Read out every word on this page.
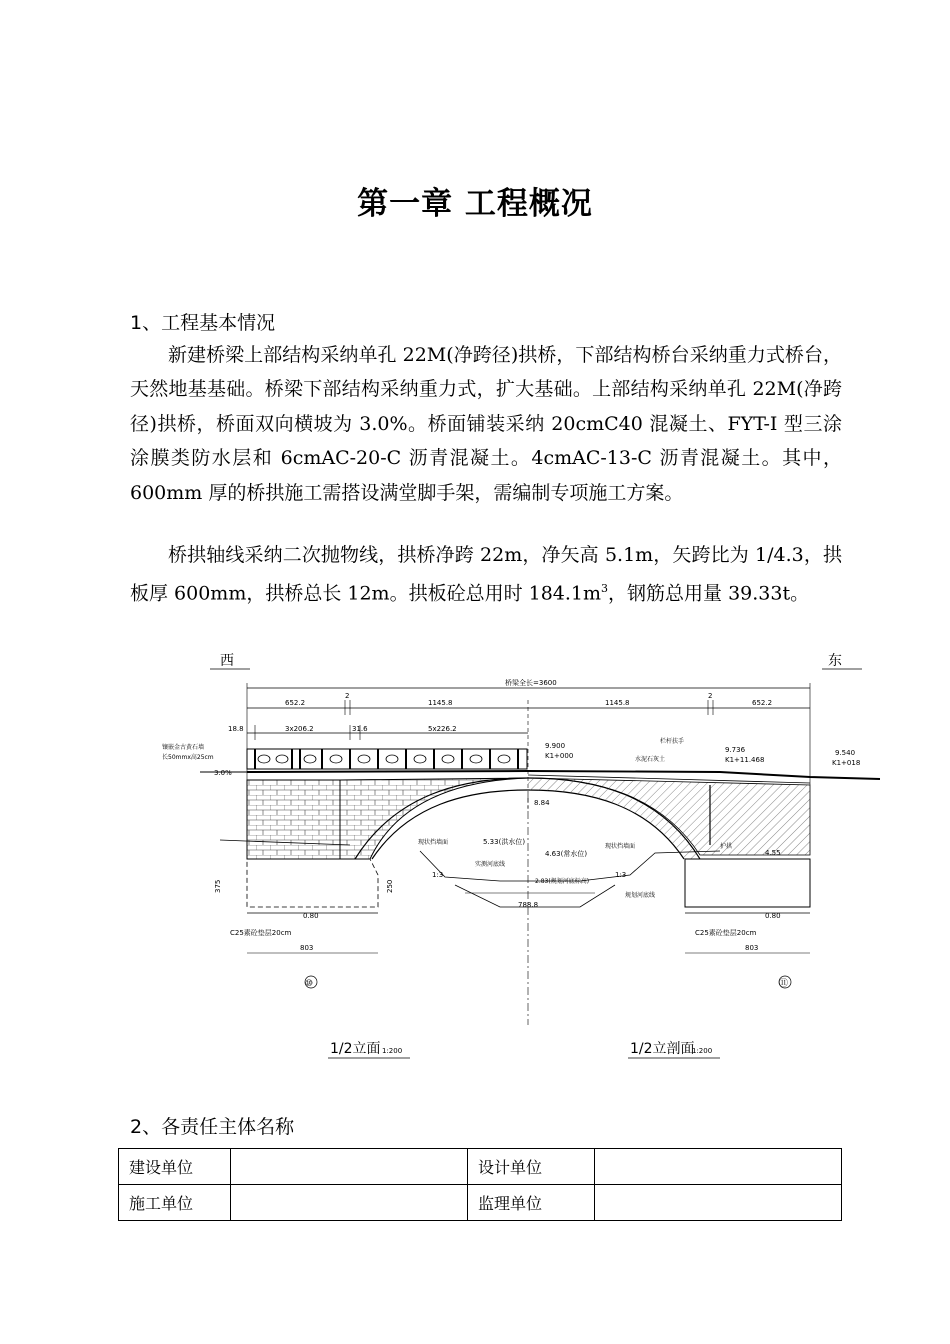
第一章 工程概况
1、工程基本情况

新建桥梁上部结构采纳单孔 22M(净跨径)拱桥，下部结构桥台采纳重力式桥台，天然地基基础。桥梁下部结构采纳重力式，扩大基础。上部结构采纳单孔 22M(净跨径)拱桥，桥面双向横坡为 3.0%。桥面铺装采纳 20cmC40 混凝土、FYT-I 型三涂涂膜类防水层和 6cmAC-20-C 沥青混凝土。4cmAC-13-C 沥青混凝土。其中，600mm 厚的桥拱施工需搭设满堂脚手架，需编制专项施工方案。

桥拱轴线采纳二次抛物线，拱桥净跨 22m，净矢高 5.1m，矢跨比为 1/4.3，拱板厚 600mm，拱桥总长 12m。拱板砼总用时 $184.1m^3$，钢筋总用量 39.33t。

西	东
桥梁全长=3600
652.2
2
1145.8	1145.8
2
652.2
18.8	3x206.2	31.6	5x226.2
9.900
K1+000
9.736
K1+11.468
9.540
K1+018
8.84
5.33(洪水位)
4.63(常水位)
2.83(规划河底标高)
0.80	0.80
4.55
3.0%
1:3	1:3
镶嵌金古黄石墙
长50mmx高25cm
现状挡墙面
现状挡墙面
实测河底线
规划河底线
水泥石灰土
栏杆扶手
护拱
788.8
C25素砼垫层20cm	C25素砼垫层20cm
803	803
375	250
⑩	⑪
1/2立面 1:200	1/2立剖面
1:200
2、各责任主体名称
建设单位		设计单位	
施工单位		监理单位	
